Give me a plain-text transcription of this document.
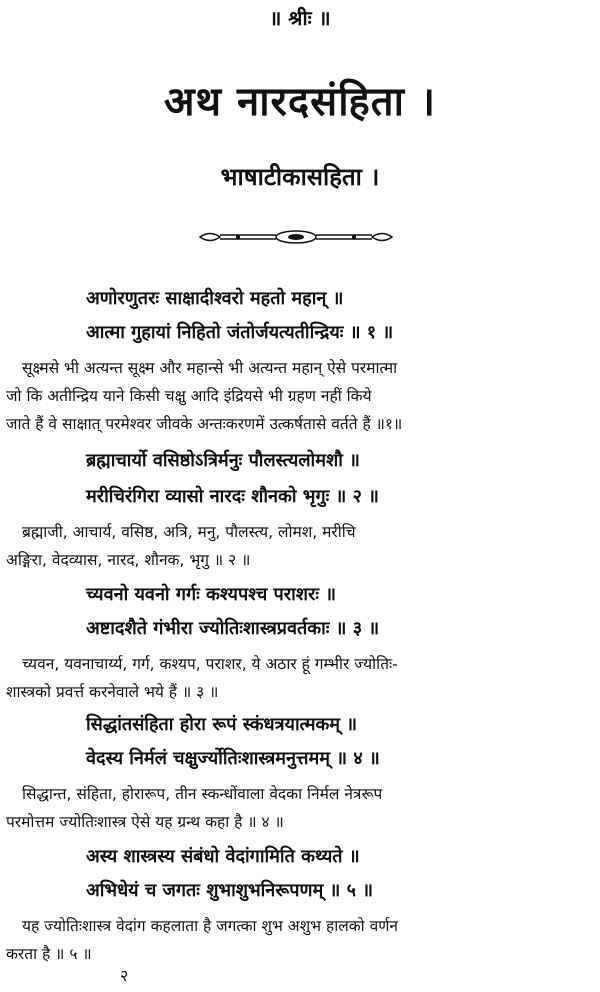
॥ श्रीः ॥
अथ नारदसंहिता ।
भाषाटीकासहिता ।
अणोरणुतरः साक्षादीश्वरो महतो महान् ॥
आत्मा गुहायां निहितो जंतोर्जयत्यतीन्द्रियः ॥ १ ॥
सूक्ष्मसे भी अत्यन्त सूक्ष्म और महान्से भी अत्यन्त महान् ऐसे परमात्मा
जो कि अतीन्द्रिय याने किसी चक्षु आदि इंद्रियसे भी ग्रहण नहीं किये
जाते हैं वे साक्षात् परमेश्वर जीवके अन्तःकरणमें उत्कर्षतासे वर्तते हैं ॥१॥
ब्रह्माचार्यो वसिष्ठोऽत्रिर्मनुः पौलस्त्यलोमशौ ॥
मरीचिरंगिरा व्यासो नारदः शौनको भृगुः ॥ २ ॥
ब्रह्माजी, आचार्य, वसिष्ठ, अत्रि, मनु, पौलस्त्य, लोमश, मरीचि
अङ्गिरा, वेदव्यास, नारद, शौनक, भृगु ॥ २ ॥
च्यवनो यवनो गर्गः कश्यपश्च पराशरः ॥
अष्टादशैते गंभीरा ज्योतिःशास्त्रप्रवर्तकाः ॥ ३ ॥
च्यवन, यवनाचार्य्य, गर्ग, कश्यप, पराशर, ये अठार हूं गम्भीर ज्योतिः-
शास्त्रको प्रवर्त्त करनेवाले भये हैं ॥ ३ ॥
सिद्धांतसंहिता होरा रूपं स्कंधत्रयात्मकम् ॥
वेदस्य निर्मलं चक्षुर्ज्योतिःशास्त्रमनुत्तमम् ॥ ४ ॥
सिद्धान्त, संहिता, होरारूप, तीन स्कन्धोंवाला वेदका निर्मल नेत्ररूप
परमोत्तम ज्योतिःशास्त्र ऐसे यह ग्रन्थ कहा है ॥ ४ ॥
अस्य शास्त्रस्य संबंधो वेदांगामिति कथ्यते ॥
अभिधेयं च जगतः शुभाशुभनिरूपणम् ॥ ५ ॥
यह ज्योतिःशास्त्र वेदांग कहलाता है जगत्का शुभ अशुभ हालको वर्णन
करता है ॥ ५ ॥
२
